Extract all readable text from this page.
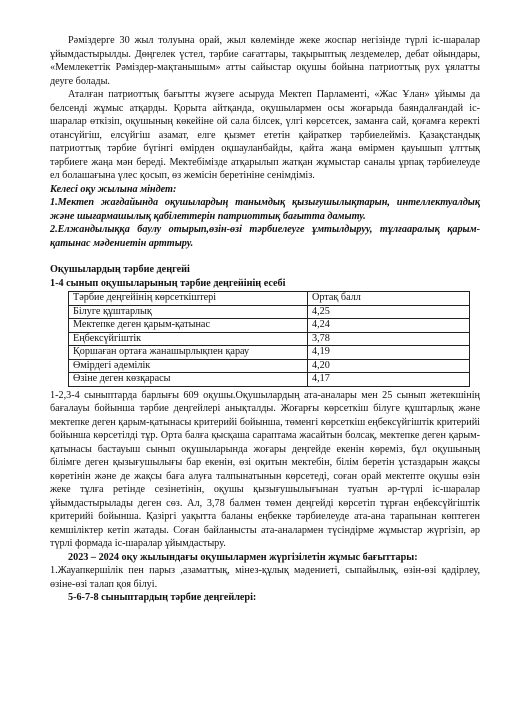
Рәміздерге 30 жыл толуына орай, жыл көлемінде жеке жоспар негізінде түрлі іс-шаралар ұйымдастырылды. Дөңгелек үстел, тәрбие сағаттары, тақырыптық лездемелер, дебат ойындары, «Мемлекеттік Рәміздер-мақтанышым» атты сайыстар оқушы бойына патриоттық рух ұялатты деуге болады.

Аталған патриоттық бағытты жүзеге асыруда Мектеп Парламенті, «Жас Ұлан» ұйымы да белсенді жұмыс атқарды. Қорыта айтқанда, оқушылармен осы жоғарыда баяндалғандай іс-шаралар өткізіп, оқушының көкейіне ой сала білсек, үлгі көрсетсек, заманға сай, қоғамға керекті отансүйгіш, елсүйгіш азамат, елге қызмет ететін қайраткер тәрбиелейміз. Қазақстандық патриоттық тәрбие бүгінгі өмірден оқшауланбайды, қайта жаңа өмірмен қауышып ұлттық тәрбиеге жаңа мән береді. Мектебімізде атқарылып жатқан жұмыстар саналы ұрпақ тәрбиелеуде ел болашағына үлес қосып, өз жемісін беретініне сенімдіміз.

Келесі оқу жылына міндет:

1.Мектеп жағдайында оқушылардың танымдық қызығушылықтарын, интеллектуалдық және шығармашылық қабілеттерін патриоттық бағытта дамыту.

2.Елжандылыққа баулу отырып,өзін-өзі тәрбиелеуге ұмтылдыруу, тұлғааралық қарым-қатынас мәдениетін арттыру.

Оқушылардың тәрбие деңгейі

1-4 сынып оқушыларының тәрбие деңгейінің есебі

Тәрбие деңгейінің көрсеткіштері	Ортақ балл
Білуге құштарлық	4,25
Мектепке деген қарым-қатынас	4,24
Еңбексүйгіштік	3,78
Қоршаған ортаға жанашырлықпен қарау	4,19
Өмірдегі әдемілік	4,20
Өзіне деген көзқарасы	4,17

1-2,3-4 сыныптарда барлығы 609 оқушы.Оқушылардың ата-аналары мен 25 сынып жетекшінің бағалауы бойынша тәрбие деңгейлері анықталды. Жоғарғы көрсеткіш білуге құштарлық және мектепке деген қарым-қатынасы критерийі бойынша, төменгі көрсеткіш еңбексүйгіштік критерийі бойынша көрсетілді тұр. Орта балға қысқаша сараптама жасайтын болсақ, мектепке деген қарым-қатынасы бастауыш сынып оқушыларында жоғары деңгейде екенін көреміз, бұл оқушының білімге деген қызығушылығы бар екенін, өзі оқитын мектебін, білім беретін ұстаздарын жақсы көретінін және де жақсы баға алуға талпынатынын көрсетеді, соған орай мектепте оқушы өзін жеке тұлға ретінде сезінетінін, оқушы қызығушылығынан туатын әр-түрлі іс-шаралар ұйымдастырылады деген сөз. Ал, 3,78 балмен төмен деңгейді көрсетіп тұрған еңбексүйгіштік критерийі бойынша. Қазіргі уақытта баланы еңбекке тәрбиелеуде ата-ана тарапынан көптеген кемшіліктер кетіп жатады. Соған байланысты ата-аналармен түсіндірме жұмыстар жүргізіп, әр түрлі формада іс-шаралар ұйымдастыру.

2023 – 2024 оқу жылындағы оқушылармен жүргізілетін жұмыс бағыттары:

1.Жауапкершілік пен парыз ,азаматтық, мінез-құлық мәдениеті, сыпайылық, өзін-өзі қадірлеу, өзіне-өзі талап қоя білуі.

5-6-7-8 сыныптардың тәрбие деңгейлері:
